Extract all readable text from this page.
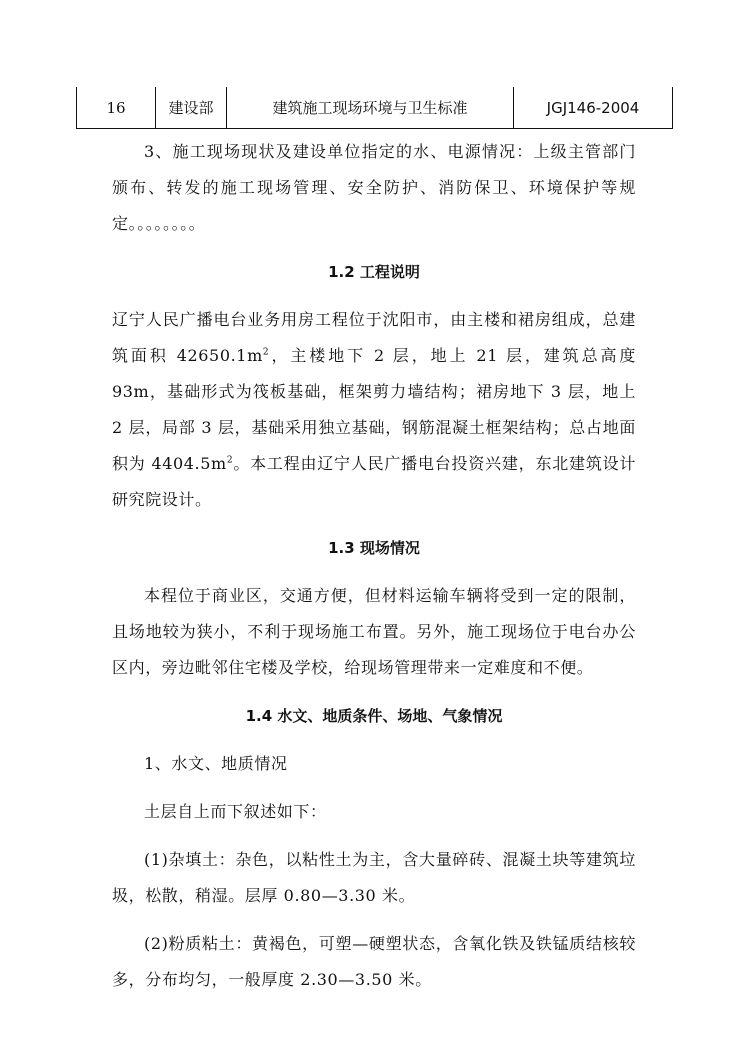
16	建设部	建筑施工现场环境与卫生标准	JGJ146-2004

3、施工现场现状及建设单位指定的水、电源情况：上级主管部门颁布、转发的施工现场管理、安全防护、消防保卫、环境保护等规定。。。。。。。。

1.2 工程说明

辽宁人民广播电台业务用房工程位于沈阳市，由主楼和裙房组成，总建筑面积 $42650.1m^2$，主楼地下 2 层，地上 21 层，建筑总高度 93m，基础形式为筏板基础，框架剪力墙结构；裙房地下 3 层，地上 2 层，局部 3 层，基础采用独立基础，钢筋混凝土框架结构；总占地面积为 $4404.5m^2$。本工程由辽宁人民广播电台投资兴建，东北建筑设计研究院设计。

1.3 现场情况

本程位于商业区，交通方便，但材料运输车辆将受到一定的限制，且场地较为狭小，不利于现场施工布置。另外，施工现场位于电台办公区内，旁边毗邻住宅楼及学校，给现场管理带来一定难度和不便。

1.4 水文、地质条件、场地、气象情况

1、水文、地质情况

土层自上而下叙述如下：

(1)杂填土：杂色，以粘性土为主，含大量碎砖、混凝土块等建筑垃圾，松散，稍湿。层厚 0.80—3.30 米。

(2)粉质粘土：黄褐色，可塑—硬塑状态，含氧化铁及铁锰质结核较多，分布均匀，一般厚度 2.30—3.50 米。
